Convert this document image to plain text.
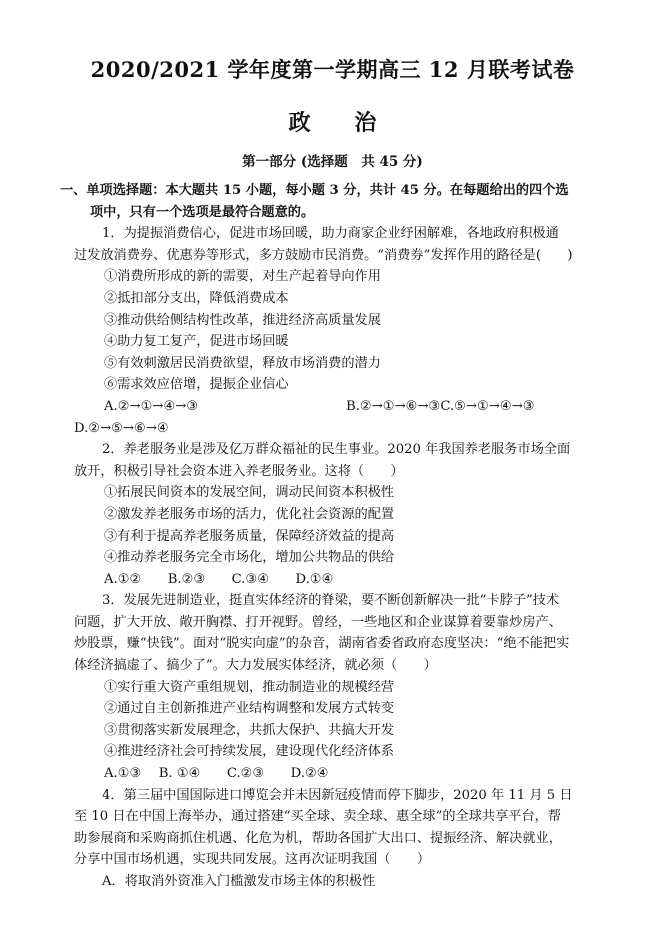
2020/2021 学年度第一学期高三 12 月联考试卷
政 治
第一部分 (选择题　共 45 分)
一、单项选择题：本大题共 15 小题，每小题 3 分，共计 45 分。在每题给出的四个选
项中，只有一个选项是最符合题意的。
1．为提振消费信心，促进市场回暖，助力商家企业纾困解难，各地政府积极通
过发放消费券、优惠券等形式，多方鼓励市民消费。“消费券”发挥作用的路径是(　　)
①消费所形成的新的需要，对生产起着导向作用
②抵扣部分支出，降低消费成本
③推动供给侧结构性改革，推进经济高质量发展
④助力复工复产，促进市场回暖
⑤有效刺激居民消费欲望，释放市场消费的潜力
⑥需求效应倍增，提振企业信心
A.②→①→④→③	B.②→①→⑥→③C.⑤→①→④→③
D.②→⑤→⑥→④
2．养老服务业是涉及亿万群众福祉的民生事业。2020 年我国养老服务市场全面
放开，积极引导社会资本进入养老服务业。这将（　　）
①拓展民间资本的发展空间，调动民间资本积极性
②激发养老服务市场的活力，优化社会资源的配置
③有利于提高养老服务质量，保障经济效益的提高
④推动养老服务完全市场化，增加公共物品的供给
A.①②　　B.②③　　C.③④　　D.①④
3．发展先进制造业，挺直实体经济的脊梁，要不断创新解决一批“卡脖子”技术
问题，扩大开放、敞开胸襟、打开视野。曾经，一些地区和企业谋算着要靠炒房产、
炒股票，赚“快钱”。面对“脱实向虚”的杂音，湖南省委省政府态度坚决：“绝不能把实
体经济搞虚了、搞少了”。大力发展实体经济，就必须（　　）
①实行重大资产重组规划，推动制造业的规模经营
②通过自主创新推进产业结构调整和发展方式转变
③贯彻落实新发展理念，共抓大保护、共搞大开发
④推进经济社会可持续发展，建设现代化经济体系
A.①③　 B. ①④　　C.②③　　D.②④
4．第三届中国国际进口博览会并未因新冠疫情而停下脚步，2020 年 11 月 5 日
至 10 日在中国上海举办，通过搭建“买全球、卖全球、惠全球”的全球共享平台，帮
助参展商和采购商抓住机遇、化危为机，帮助各国扩大出口、提振经济、解决就业，
分享中国市场机遇，实现共同发展。这再次证明我国（　　）
A．将取消外资准入门槛激发市场主体的积极性
